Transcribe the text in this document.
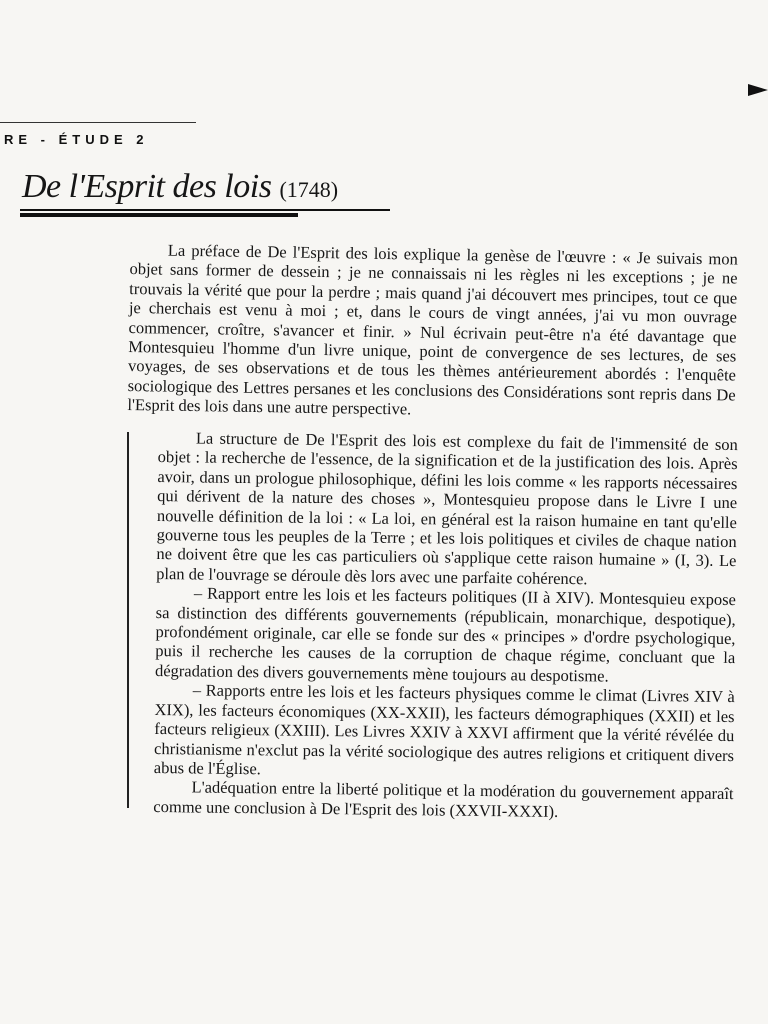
RE - ÉTUDE 2
De l'Esprit des lois (1748)

La préface de De l'Esprit des lois explique la genèse de l'œuvre : « Je suivais mon objet sans former de dessein ; je ne connaissais ni les règles ni les exceptions ; je ne trouvais la vérité que pour la perdre ; mais quand j'ai découvert mes principes, tout ce que je cherchais est venu à moi ; et, dans le cours de vingt années, j'ai vu mon ouvrage commencer, croître, s'avancer et finir. » Nul écrivain peut-être n'a été davantage que Montesquieu l'homme d'un livre unique, point de convergence de ses lectures, de ses voyages, de ses observations et de tous les thèmes antérieurement abordés : l'enquête sociologique des Lettres persanes et les conclusions des Considérations sont repris dans De l'Esprit des lois dans une autre perspective.

La structure de De l'Esprit des lois est complexe du fait de l'immensité de son objet : la recherche de l'essence, de la signification et de la justification des lois. Après avoir, dans un prologue philosophique, défini les lois comme « les rapports nécessaires qui dérivent de la nature des choses », Montesquieu propose dans le Livre I une nouvelle définition de la loi : « La loi, en général est la raison humaine en tant qu'elle gouverne tous les peuples de la Terre ; et les lois politiques et civiles de chaque nation ne doivent être que les cas particuliers où s'applique cette raison humaine » (I, 3). Le plan de l'ouvrage se déroule dès lors avec une parfaite cohérence.

– Rapport entre les lois et les facteurs politiques (II à XIV). Montesquieu expose sa distinction des différents gouvernements (républicain, monarchique, despotique), profondément originale, car elle se fonde sur des « principes » d'ordre psychologique, puis il recherche les causes de la corruption de chaque régime, concluant que la dégradation des divers gouvernements mène toujours au despotisme.

– Rapports entre les lois et les facteurs physiques comme le climat (Livres XIV à XIX), les facteurs économiques (XX-XXII), les facteurs démographiques (XXII) et les facteurs religieux (XXIII). Les Livres XXIV à XXVI affirment que la vérité révélée du christianisme n'exclut pas la vérité sociologique des autres religions et critiquent divers abus de l'Église.

L'adéquation entre la liberté politique et la modération du gouvernement apparaît comme une conclusion à De l'Esprit des lois (XXVII-XXXI).
